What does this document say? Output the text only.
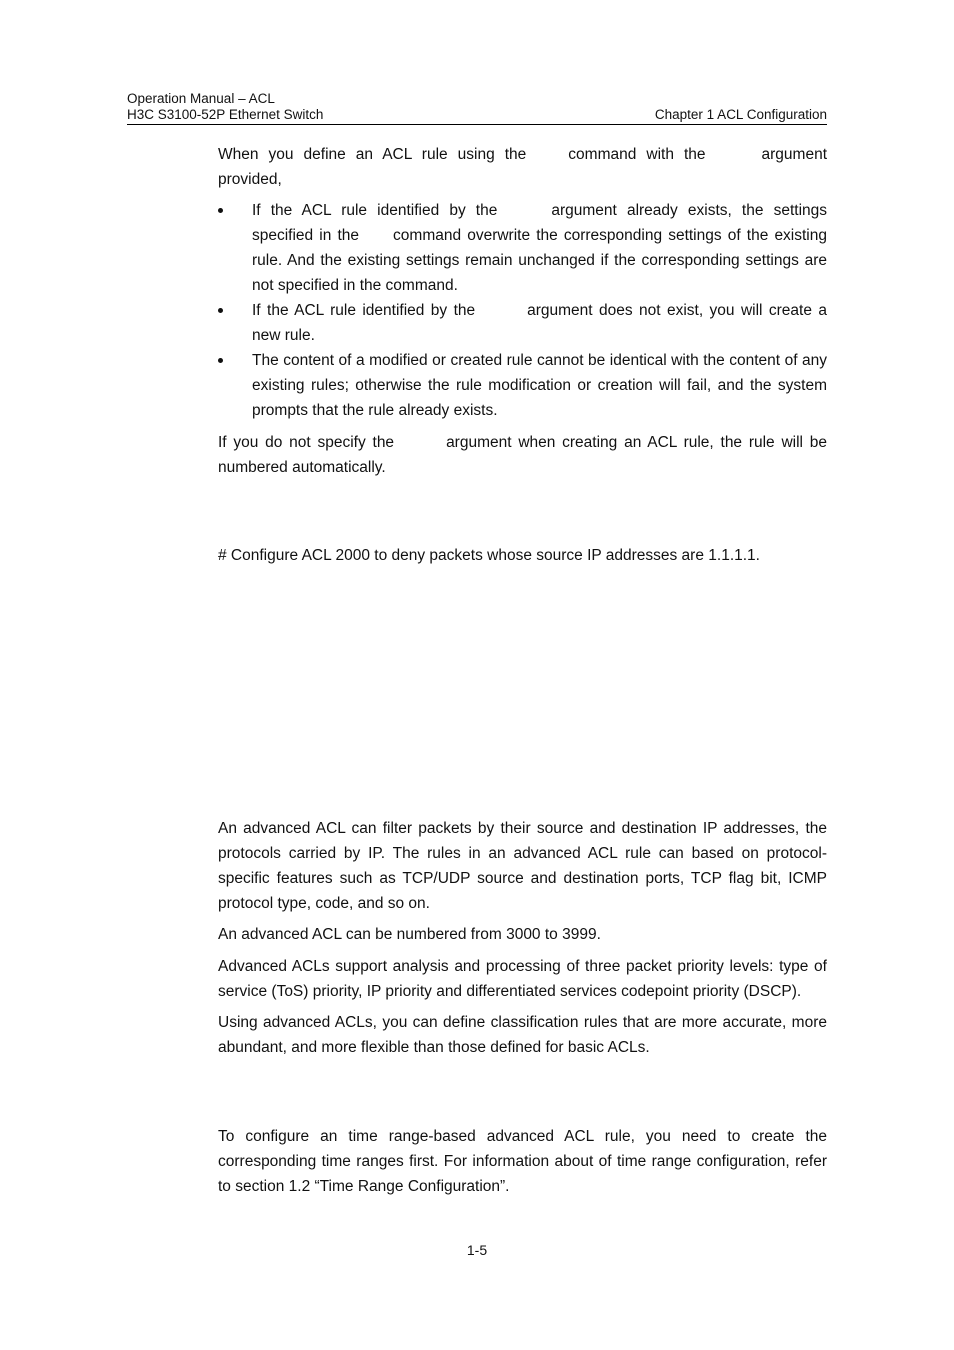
Operation Manual – ACL
H3C S3100-52P Ethernet Switch	Chapter 1 ACL Configuration

When you define an ACL rule using the	command with the	argument provided,

If the ACL rule identified by the	argument already exists, the settings specified in the command overwrite the corresponding settings of the existing rule. And the existing settings remain unchanged if the corresponding settings are not specified in the command.

If the ACL rule identified by the	argument does not exist, you will create a new rule.

The content of a modified or created rule cannot be identical with the content of any existing rules; otherwise the rule modification or creation will fail, and the system prompts that the rule already exists.

If you do not specify the	argument when creating an ACL rule, the rule will be numbered automatically.

# Configure ACL 2000 to deny packets whose source IP addresses are 1.1.1.1.

An advanced ACL can filter packets by their source and destination IP addresses, the protocols carried by IP. The rules in an advanced ACL rule can based on protocol-specific features such as TCP/UDP source and destination ports, TCP flag bit, ICMP protocol type, code, and so on.

An advanced ACL can be numbered from 3000 to 3999.

Advanced ACLs support analysis and processing of three packet priority levels: type of service (ToS) priority, IP priority and differentiated services codepoint priority (DSCP).

Using advanced ACLs, you can define classification rules that are more accurate, more abundant, and more flexible than those defined for basic ACLs.

To configure an time range-based advanced ACL rule, you need to create the corresponding time ranges first. For information about of time range configuration, refer to section 1.2 “Time Range Configuration”.

1-5
